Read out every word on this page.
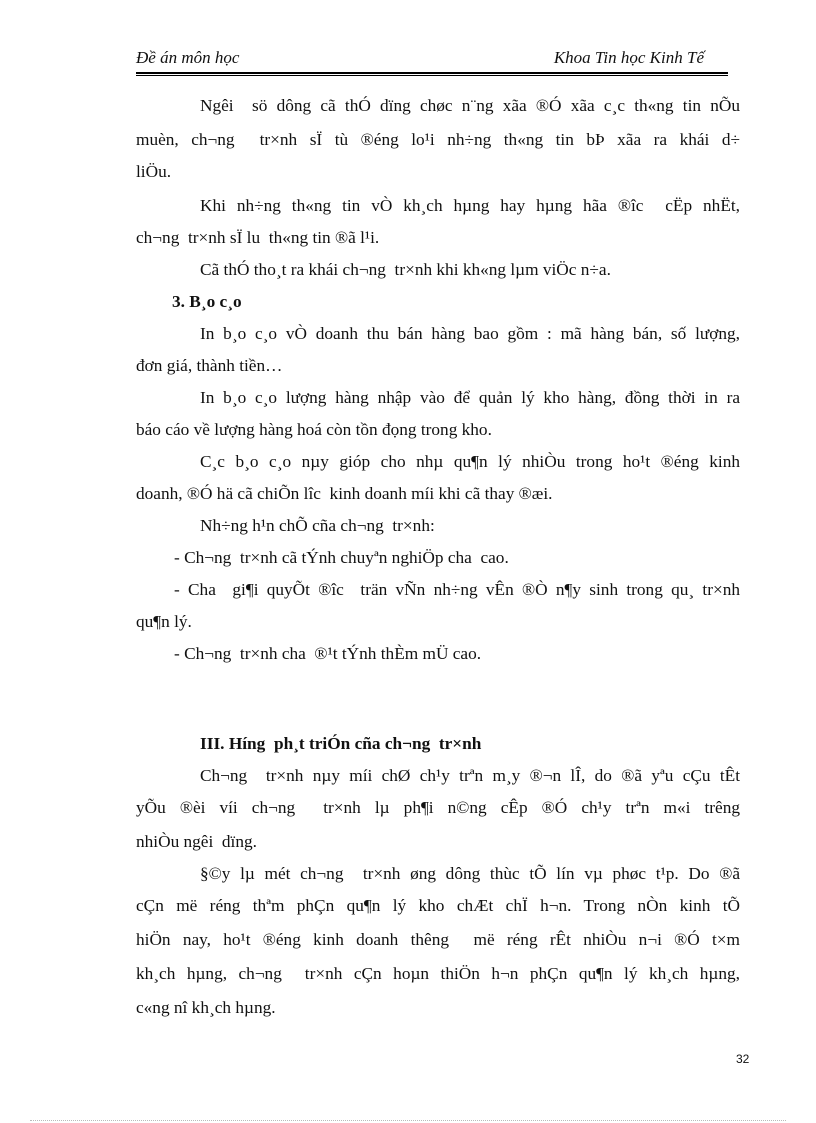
Đề án môn học	Khoa Tin học Kinh Tế
Ngêi  sö dông cã thÓ dïng chøc n¨ng xãa ®Ó xãa c¸c th«ng tin nÕu
muèn, ch¬ng  tr×nh sÏ tù ®éng lo¹i nh÷ng th«ng tin bÞ xãa ra khái d÷
liÖu.
Khi nh÷ng th«ng tin vÒ kh¸ch hµng hay hµng hãa ®îc  cËp nhËt,
ch¬ng  tr×nh sÏ lu  th«ng tin ®ã l¹i.
Cã thÓ tho¸t ra khái ch¬ng  tr×nh khi kh«ng lµm viÖc n÷a.
3. B¸o c¸o
In b¸o c¸o vÒ doanh thu bán hàng bao gồm : mã hàng bán, số lượng,
đơn giá, thành tiền…
In b¸o c¸o lượng hàng nhập vào để quản lý kho hàng, đồng thời in ra
báo cáo về lượng hàng hoá còn tồn đọng trong kho.
C¸c b¸o c¸o nµy gióp cho nhµ qu¶n lý nhiÒu trong ho¹t ®éng kinh
doanh, ®Ó hä cã chiÕn lîc  kinh doanh míi khi cã thay ®æi.
Nh÷ng h¹n chÕ cña ch¬ng  tr×nh:
- Ch¬ng  tr×nh cã tÝnh chuyªn nghiÖp cha  cao.
- Cha  gi¶i quyÕt ®îc  trän vÑn nh÷ng vÊn ®Ò n¶y sinh trong qu¸ tr×nh
qu¶n lý.
- Ch¬ng  tr×nh cha  ®¹t tÝnh thÈm mÜ cao.
III. Híng  ph¸t triÓn cña ch¬ng  tr×nh
Ch¬ng  tr×nh nµy míi chØ ch¹y trªn m¸y ®¬n lÎ, do ®ã yªu cÇu tÊt
yÕu ®èi víi ch¬ng  tr×nh lµ ph¶i n©ng cÊp ®Ó ch¹y trªn m«i trêng
nhiÒu ngêi  dïng.
§©y lµ mét ch¬ng  tr×nh øng dông thùc tÕ lín vµ phøc t¹p. Do ®ã
cÇn më réng thªm phÇn qu¶n lý kho chÆt chÏ h¬n. Trong nÒn kinh tÕ
hiÖn nay, ho¹t ®éng kinh doanh thêng  më réng rÊt nhiÒu n¬i ®Ó t×m
kh¸ch hµng, ch¬ng  tr×nh cÇn hoµn thiÖn h¬n phÇn qu¶n lý kh¸ch hµng,
c«ng nî kh¸ch hµng.
32
